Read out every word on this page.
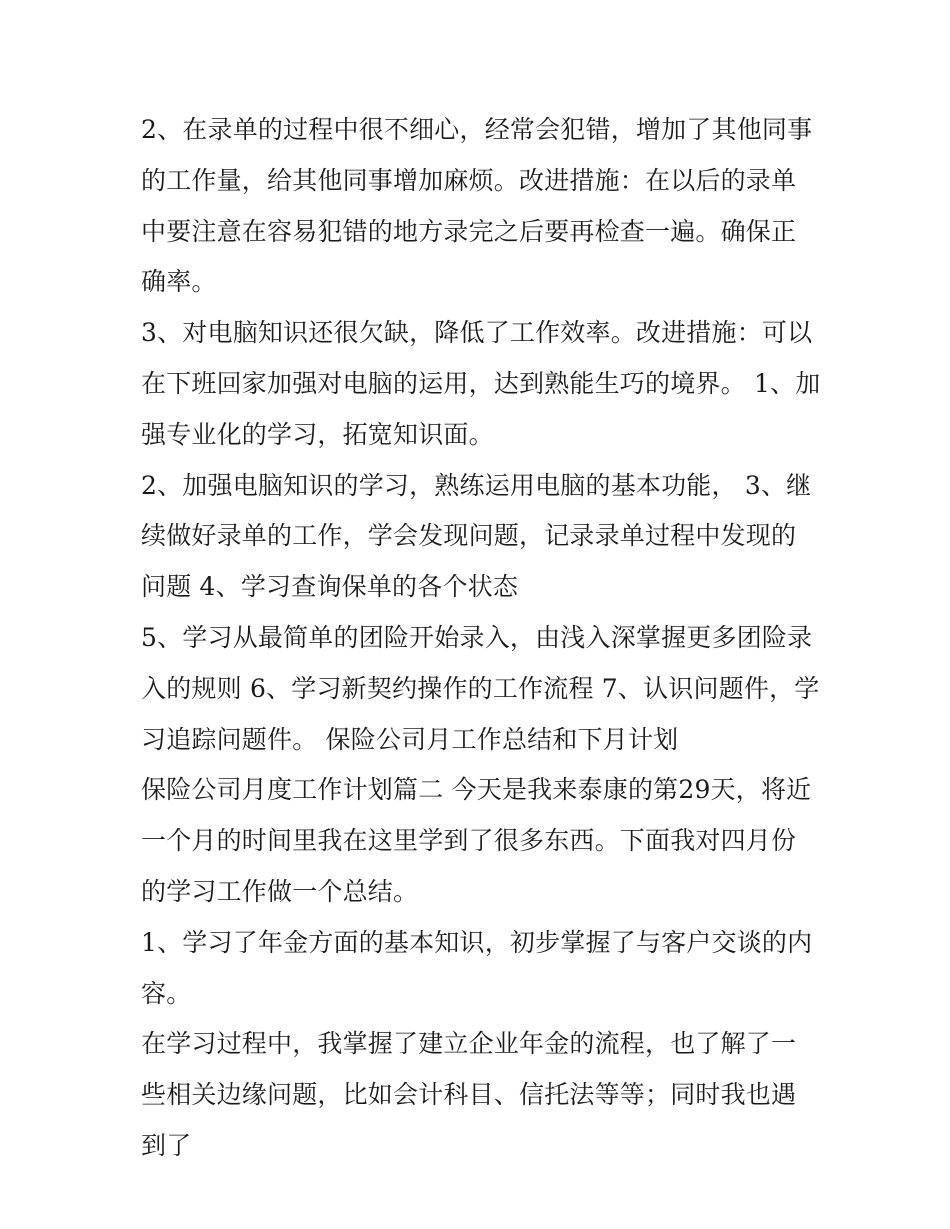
2、在录单的过程中很不细心，经常会犯错，增加了其他同事的工作量，给其他同事增加麻烦。改进措施：在以后的录单中要注意在容易犯错的地方录完之后要再检查一遍。确保正确率。

3、对电脑知识还很欠缺，降低了工作效率。改进措施：可以在下班回家加强对电脑的运用，达到熟能生巧的境界。 1、加强专业化的学习，拓宽知识面。

2、加强电脑知识的学习，熟练运用电脑的基本功能， 3、继续做好录单的工作，学会发现问题，记录录单过程中发现的问题 4、学习查询保单的各个状态

5、学习从最简单的团险开始录入，由浅入深掌握更多团险录入的规则 6、学习新契约操作的工作流程 7、认识问题件，学习追踪问题件。 保险公司月工作总结和下月计划

保险公司月度工作计划篇二 今天是我来泰康的第29天，将近一个月的时间里我在这里学到了很多东西。下面我对四月份的学习工作做一个总结。

1、学习了年金方面的基本知识，初步掌握了与客户交谈的内容。

在学习过程中，我掌握了建立企业年金的流程，也了解了一些相关边缘问题，比如会计科目、信托法等等；同时我也遇到了
